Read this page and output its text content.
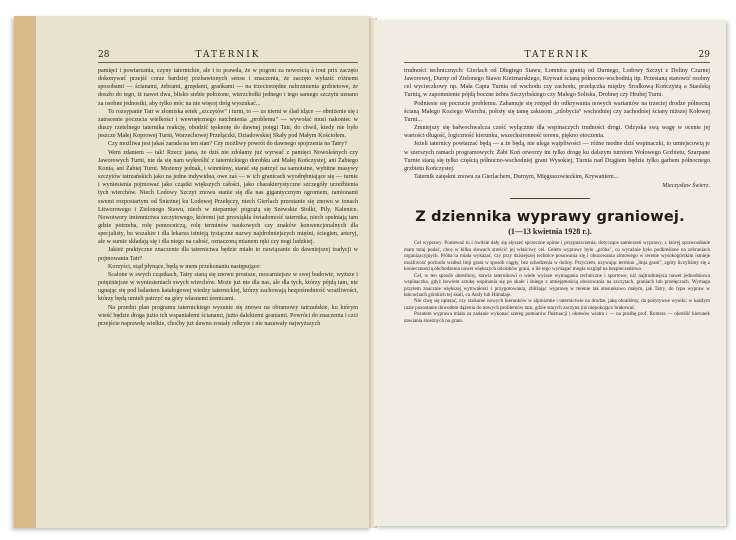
28	TATERNIK

pamięci i powtarzania, czyny taternickie, ale i to prawda, że w pogoni za nowością à tout prix zaczęto dokonywać przejść coraz bardziej pozbawionych sensu i znaczenia, że zaczęto wyłazić różnemi sposobami — ścianami, żebrami, grzędami, grańkami — na trzeciorzędne nabrzmienia grzbietowe, że doszło do tego, iż nawet dwa, blisko siebie położone, wierzchołki jednego i tego samego szczytu uznano za osobne jednostki, aby tylko móc na nie więcej dróg wyszukać...

To rozsypanie Tatr w złomiska setek „szczytów" i turni, to — za niemi w ślad idące — obniżenie się i zatracenie poczucia wielkości i wewnętrznego natchnienia „problemu" — wywołać musi nakoniec w duszy rzetelnego taternika reakcję, obudzić tęsknotę do dawnej potęgi Tatr, do chwil, kiedy nie było jeszcze Małej Koprowej Turni, Warzechowej Przełączki, Dziadowskiej Skały pod Małym Kościołem.

Czy możliwa jest jakaś zarada na ten stan? Czy możliwy powrót do dawnego spojrzenia na Tatry?

Wem zdaniem — tak! Rzecz jasna, że dziś nie zdołamy już wyrwać z pamięci Nowoleśnych czy Jaworowych Turni, nie da się nam wykreślić z taternickiego dorobku ani Małej Kończystej, ani Żabiego Konia, ani Żabiej Turni. Możemy jednak, i winniśmy, starać się patrzyć na samoistne, wybitne masywy szczytów tatrzańskich jako na jedne indywidua, owe zaś — w ich granicach wyodrębniające się — turnie i wyniesienia pojmować jako cząstki większych całości, jako charakterystyczne szczegóły urzeźbienia tych wierchów. Niech Lodowy Szczyt znowu stanie się dla nas gigantycznym ogromem, ramionami swemi rozpostartym od Śnieżnej ku Lodowej Przełęczy, niech Gierlach przestanie się znowu w tonach Litworowego i Zielonego Stawu, niech w niepamięć pogrążą się Szewskie Stołki, Pily, Kalenice. Nowotwory imiennictwa szczytowego, któremi już przesiąkła świadomość taternika, niech spełniają tam gdzie potrzeba, rolę pomocniczą, rolę terminów naukowych czy znaków konwencjonalnych dla specjalisty, bo wszakże i dla lekarza istnieją tysiączne nazwy najdrobniejszych mięśni, ściegien, arteryj, ale w sumie składają się i dla niego na całość, oznaczoną mianem ręki czy nogi ludzkiej.

Jakież praktyczne znaczenie dla taternictwa będzie miało to nawiązanie do dawniejszej tradycji w pojmowaniu Tatr?

Korzyści, stąd płynące, będą w mem przekonaniu następujące:

Scalone w swych cząstkach, Tatry staną się znowu prostsze, mocarniejsze w swej budowie, wyższe i potężniejsze w wyniesieniach swych wierchów. Może już nie dla nas, ale dla tych, którzy pójdą tam, nie ugnając się pod balastem katalogowej wiedzy taternickiej, którzy zachowają bezpośredniość wrażliwości, którzy będą umieli patrzyć na góry własnemi źrenicami.

Na przedni plan programu taternickiego wysunie się znowu na obramowy tatrzańskie, ku którym wieść będzie droga jużto ich wspaniałemi ścianami, jużto dalekiemi graniami. Powróci do znaczenia i czci przejście naprawdę wielkie, choćby już dawno zostały odkryte i nie nasuwały najwyższych

TATERNIK	29

trudności technicznych: Gierlach od Długiego Stawu, Łomnica granią od Durnego, Lodowy Szczyt z Doliny Czarnej Jaworowej, Durny od Zielonego Stawu Kieżmarskiego, Krywań ścianą północno-wschodnią itp. Przestaną stanowić osobny cel wycieczkowy np. Mała Capia Turnia od wschodu czy zachodu, przełączka między Środkową Kończystą a Staolską Turnią, w zapomnienie pójdą boczne żebra Szczyrbskiego czy Małego Soliska, Drobnej czy Hrubej Turni.

Podniesie się poczucie problemu. Zahamuje się rozpęd do odkrywania nowych wariantów na trzeciej drodze północną ścianą Małego Koziego Wierchu, położy się tamę zakusom „zdobycia" wschodniej czy zachodniej ściany niższej Kołowej Turni...

Zmniejszy się bałwochwalcza cześć wyłącznie dla wspinaczych trudności drogi. Odzyska swą wagę w ocenie jej wartości długość, logiczność kierunku, wszechstronność terenu, piękno otoczenia.

Jeżeli taternicy powtarzać będą — a że będą, nie ulega wątpliwości — różne modne dziś wspinaczki, to umiejscowią je w szerszych ramach programowych: Żabi Koń otworzy im tylko drogę ku dalszym turniom Wołowego Grzbietu, Szarpane Turnie staną się tylko częścią północno-wschodniej grani Wysokiej, Turnia nad Drągiem będzie tylko garbem północnego grzbietu Kończystej.

Taternik zatęskni znowu za Gierlachem, Durnym, Mięguszowieckim, Krywaniem...

Mieczysław Świerz.
Z dziennika wyprawy graniowej.
(1—13 kwietnia 1928 r.).

Cel wyprawy. Ponieważ tu i ówdzie dały się słyszeć sprzeczne opinie i przypuszczenia, dotyczące zamierzeń wyprawy, z której sprawozdanie mam tutaj podać, chcę w kilku słowach streścić jej właściwy cel. Celem wyprawy było „próba", co wyraźnie było podkreślane na zebraniach organizacyjnych. Próba ta miała wykazać, czy przy dzisiejszej technice posuwania się i obozowania zimowego w terenie wysokogórskim istnieje możliwość pochodu wzdłuż linji grani w sposób ciągły, bez schodzenia w doliny. Przyczem, uzywając terminu „linja grani", zgóry liczyliśmy się z koniecznością obchodzenia nawet większych odcinków grani, o ile tego wymagać mogła wzgląd na bezpieczeństwo.

Cel, w ten sposób określony, stawia taternikowi o wiele wyższe wymagania techniczne i sportowe, niż najtrudniejsza nawet jednodniowa wspinaczka, gdyż bowiem sztukę wspinania się po skale i śniegu z umiejętnością obozowania na szczytach, graniach lub przełęczach. Wymaga przytem znacznie większej wytrwałości i przygotowania, zbliżając wyprawę w terenie tak stosunkowo małym, jak Tatry, do typu wypraw w łańcuchach górskich tej skali, co Andy lub Himalaje.

Nie chcę się upierać, czy szukanie nowych kierunków w alpinizmie i taternictwie na drodze, jaką obraliśmy, da pozytywne wyniki; w każdym razie pozostanie dowodem dążenia do nowych problemów tam, gdzie starych zaczyna już niepokojąco brakować.

Pozatem wyprawa miała za zadanie wykonać szereg pomiarów fluktuacji i okresów wiatru i — na prośbę prof. Romera — określić kierunek nawiania śnieżnych na grani.
